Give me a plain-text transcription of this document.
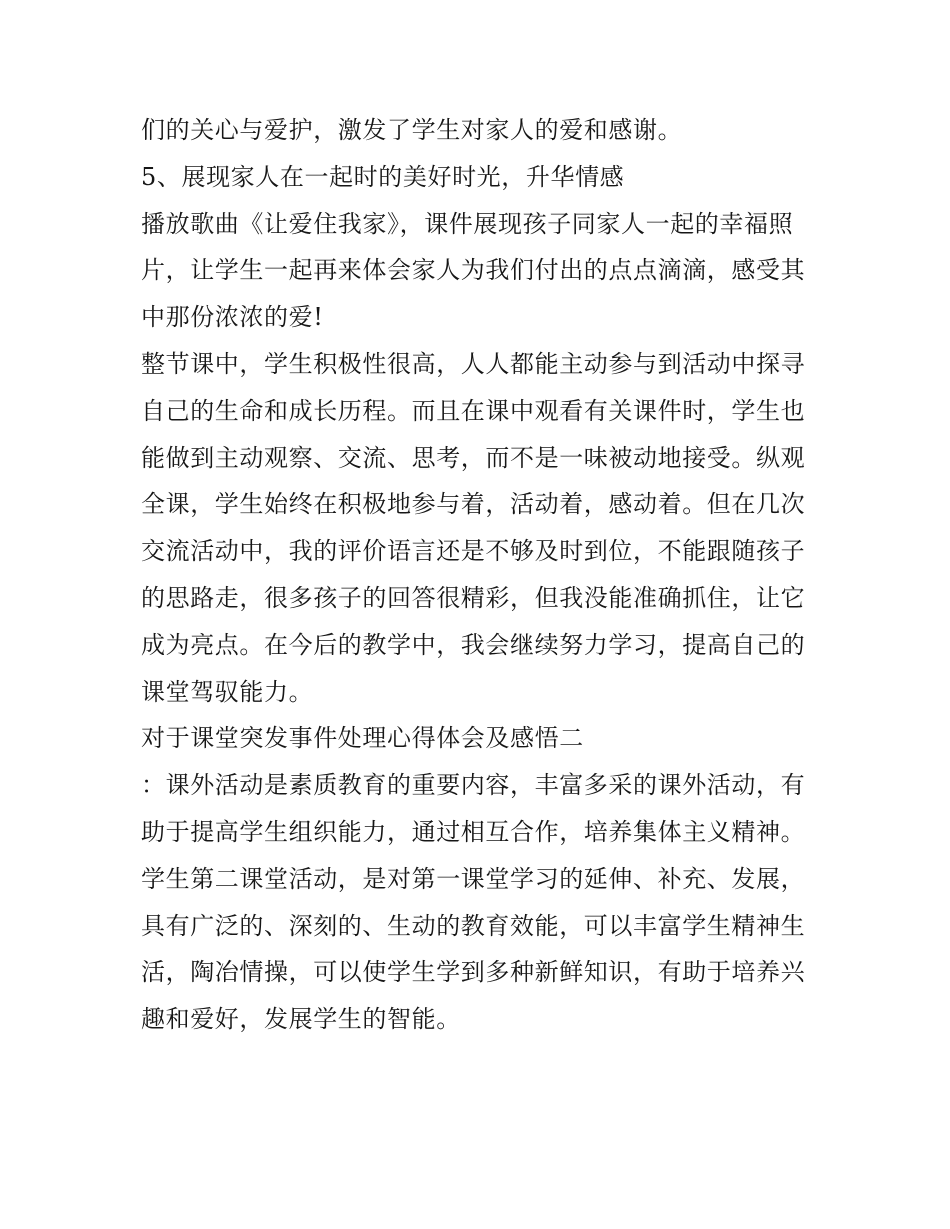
们的关心与爱护，激发了学生对家人的爱和感谢。
5、展现家人在一起时的美好时光，升华情感
播放歌曲《让爱住我家》，课件展现孩子同家人一起的幸福照
片，让学生一起再来体会家人为我们付出的点点滴滴，感受其
中那份浓浓的爱!
整节课中，学生积极性很高，人人都能主动参与到活动中探寻
自己的生命和成长历程。而且在课中观看有关课件时，学生也
能做到主动观察、交流、思考，而不是一味被动地接受。纵观
全课，学生始终在积极地参与着，活动着，感动着。但在几次
交流活动中，我的评价语言还是不够及时到位，不能跟随孩子
的思路走，很多孩子的回答很精彩，但我没能准确抓住，让它
成为亮点。在今后的教学中，我会继续努力学习，提高自己的
课堂驾驭能力。
对于课堂突发事件处理心得体会及感悟二
：课外活动是素质教育的重要内容，丰富多采的课外活动，有
助于提高学生组织能力，通过相互合作，培养集体主义精神。
学生第二课堂活动，是对第一课堂学习的延伸、补充、发展，
具有广泛的、深刻的、生动的教育效能，可以丰富学生精神生
活，陶冶情操，可以使学生学到多种新鲜知识，有助于培养兴
趣和爱好，发展学生的智能。
